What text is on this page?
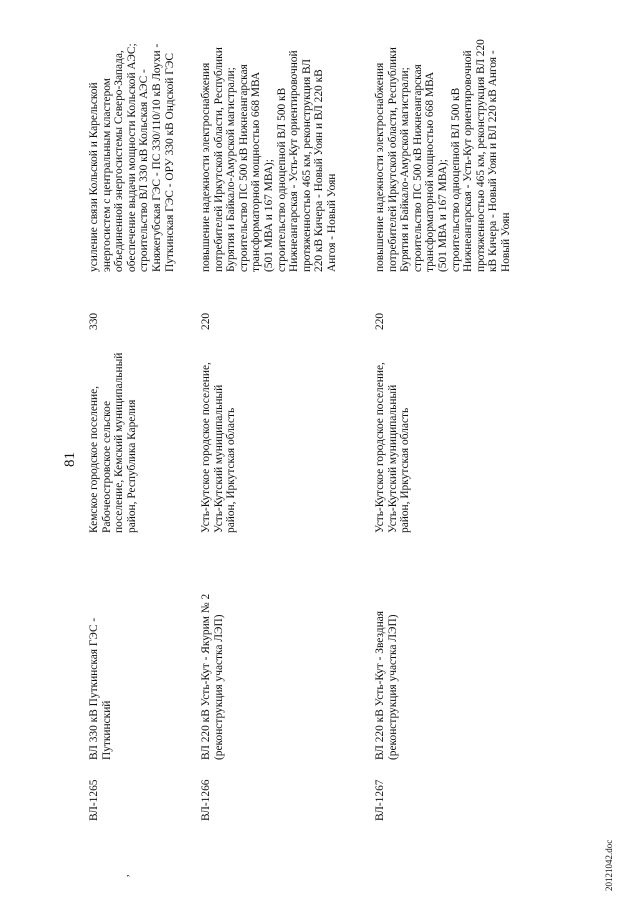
81
,
ВЛ-1265
ВЛ 330 кВ Путкинская ГЭС -
Путкинский
Кемское городское поселение,
Рабочеостровское сельское
поселение, Кемский муниципальный
район, Республика Карелия
330
усиление связи Кольской и Карельской
энергосистем с центральным кластером
объединенной энергосистемы Северо-Запада,
обеспечение выдачи мощности Кольской АЭС;
строительство ВЛ 330 кВ Кольская АЭС -
Княжегубская ГЭС - ПС 330/110/10 кВ Лоухи -
Путкинская ГЭС - ОРУ 330 кВ Ондской ГЭС
ВЛ-1266
ВЛ 220 кВ Усть-Кут - Якурим № 2
(реконструкция участка ЛЭП)
Усть-Кутское городское поселение,
Усть-Кутский муниципальный
район, Иркутская область
220
повышение надежности электроснабжения
потребителей Иркутской области, Республики
Бурятия и Байкало-Амурской магистрали;
строительство ПС 500 кВ Нижнеангарская
трансформаторной мощностью 668 МВА
(501 МВА и 167 МВА);
строительство одноцепной ВЛ 500 кВ
Нижнеангарская - Усть-Кут ориентировочной
протяженностью 465 км, реконструкция ВЛ
220 кВ Кичера - Новый Уоян и ВЛ 220 кВ
Ангоя - Новый Уоян
ВЛ-1267
ВЛ 220 кВ Усть-Кут - Звездная
(реконструкция участка ЛЭП)
Усть-Кутское городское поселение,
Усть-Кутский муниципальный
район, Иркутская область
220
повышение надежности электроснабжения
потребителей Иркутской области, Республики
Бурятия и Байкало-Амурской магистрали;
строительство ПС 500 кВ Нижнеангарская
трансформаторной мощностью 668 МВА
(501 МВА и 167 МВА);
строительство одноцепной ВЛ 500 кВ
Нижнеангарская - Усть-Кут ориентировочной
протяженностью 465 км, реконструкция ВЛ 220
кВ Кичера - Новый Уоян и ВЛ 220 кВ Ангоя -
Новый Уоян
20121042.doc
